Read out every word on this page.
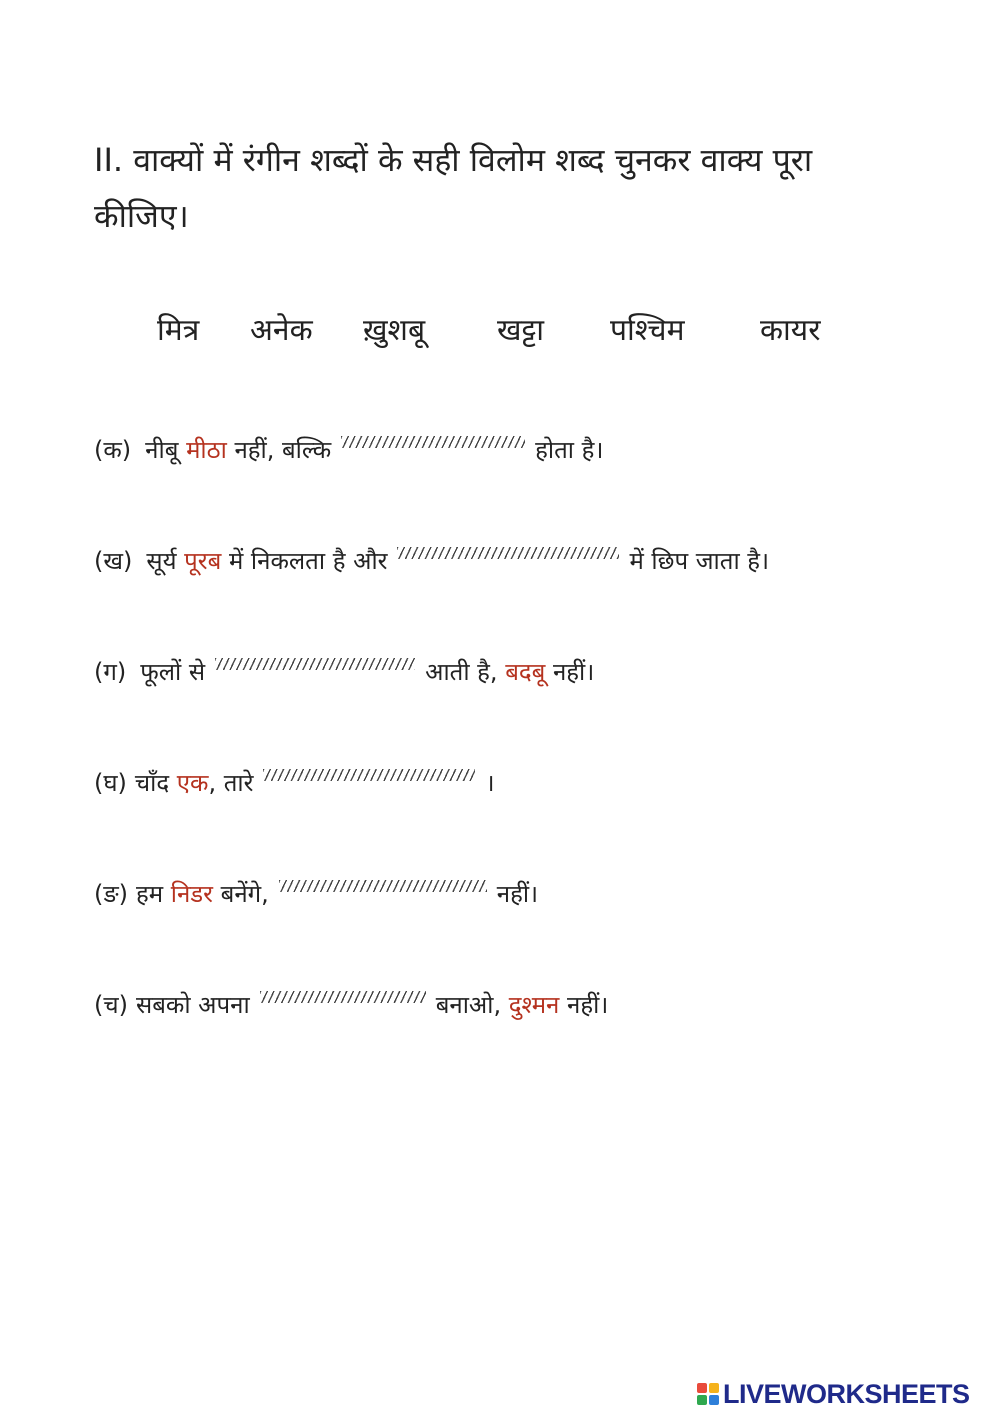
II. वाक्यों में रंगीन शब्दों के सही विलोम शब्द चुनकर वाक्य पूरा कीजिए।
मित्र अनेक ख़ुशबू खट्टा पश्चिम	कायर
(क) नीबू
मीठा
नहीं, बल्कि	होता है।
(ख) सूर्य
पूरब
में निकलता है और	में छिप जाता है।
(ग) फूलों से	आती है,
बदबू
नहीं।
(घ) चाँद
एक , तारे	।
(ङ) हम
निडर
बनेंगे,	नहीं।
(च) सबको अपना	बनाओ,
दुश्मन
नहीं।
LIVEWORKSHEETS
